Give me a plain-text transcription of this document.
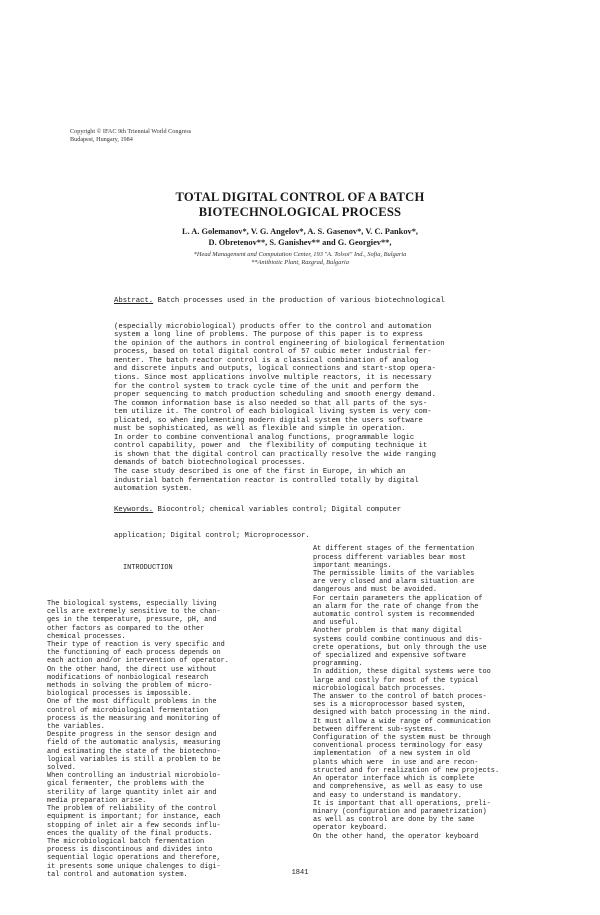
Copyright © IFAC 9th Triennial World Congress
Budapest, Hungary, 1984
TOTAL DIGITAL CONTROL OF A BATCH
BIOTECHNOLOGICAL PROCESS
L. A. Golemanov*, V. G. Angelov*, A. S. Gasenov*, V. C. Pankov*,
D. Obretenov**, S. Ganishev** and G. Georgiev**,
*Head Management and Computation Center, 193 "A. Tolsoi" Ind., Sofia, Bulgaria
**Antibiotic Plant, Razgrad, Bulgaria

Abstract. Batch processes used in the production of various biotechnological

(especially microbiological) products offer to the control and automation
system a long line of problems. The purpose of this paper is to express
the opinion of the authors in control engineering of biological fermentation
process, based on total digital control of 57 cubic meter industrial fer-
menter. The batch reactor control is a classical combination of analog
and discrete inputs and outputs, logical connections and start-stop opera-
tions. Since most applications involve multiple reactors, it is necessary
for the control system to track cycle time of the unit and perform the
proper sequencing to match production scheduling and smooth energy demand.
The common information base is also needed so that all parts of the sys-
tem utilize it. The control of each biological living system is very com-
plicated, so when implementing modern digital system the users software
must be sophisticated, as well as flexible and simple in operation.
In order to combine conventional analog functions, programmable logic
control capability, power and  the flexibility of computing technique it
is shown that the digital control can practically resolve the wide ranging
demands of batch biotechnological processes.
The case study described is one of the first in Europe, in which an
industrial batch fermentation reactor is controlled totally by digital
automation system.

Keywords. Biocontrol; chemical variables control; Digital computer

application; Digital control; Microprocessor.

INTRODUCTION

The biological systems, especially living
cells are extremely sensitive to the chan-
ges in the temperature, pressure, pH, and
other factors as compared to the other
chemical processes.
Their type of reaction is very specific and
the functioning of each process depends on
each action and/or intervention of operator.
On the other hand, the direct use without
modifications of nonbiological research
methods in solving the problem of micro-
biological processes is impossible.
One of the most difficult problems in the
control of microbiological fermentation
process is the measuring and monitoring of
the variables.
Despite progress in the sensor design and
field of the automatic analysis, measuring
and estimating the state of the biotechno-
logical variables is still a problem to be
solved.
When controlling an industrial microbiolo-
gical fermenter, the problems with the
sterility of large quantity inlet air and
media preparation arise.
The problem of reliability of the control
equipment is important; for instance, each
stopping of inlet air a few seconds influ-
ences the quality of the final products.
The microbiological batch fermentation
process is discontinous and divides into
sequential logic operations and therefore,
it presents some unique chalenges to digi-
tal control and automation system.

At different stages of the fermentation
process different variables bear most
important meanings.
The permissible limits of the variables
are very closed and alarm situation are
dangerous and must be avoided.
For certain parameters the application of
an alarm for the rate of change from the
automatic control system is recommended
and useful.
Another problem is that many digital
systems could combine continuous and dis-
crete operations, but only through the use
of specialized and expensive software
programming.
In addition, these digital systems were too
large and costly for most of the typical
microbiological batch processes.
The answer to the control of batch proces-
ses is a microprocessor based system,
designed with batch processing in the mind.
It must allow a wide range of communication
between different sub-systems.
Configuration of the system must be through
conventional process terminology for easy
implementation  of a new system in old
plants which were  in use and are recon-
structed and for realization of new projects.
An operator interface which is complete
and comprehensive, as well as easy to use
and easy to understand is mandatory.
It is important that all operations, preli-
minary (configuration and parametrization)
as well as control are done by the same
operator keyboard.
On the other hand, the operator keyboard

1841
